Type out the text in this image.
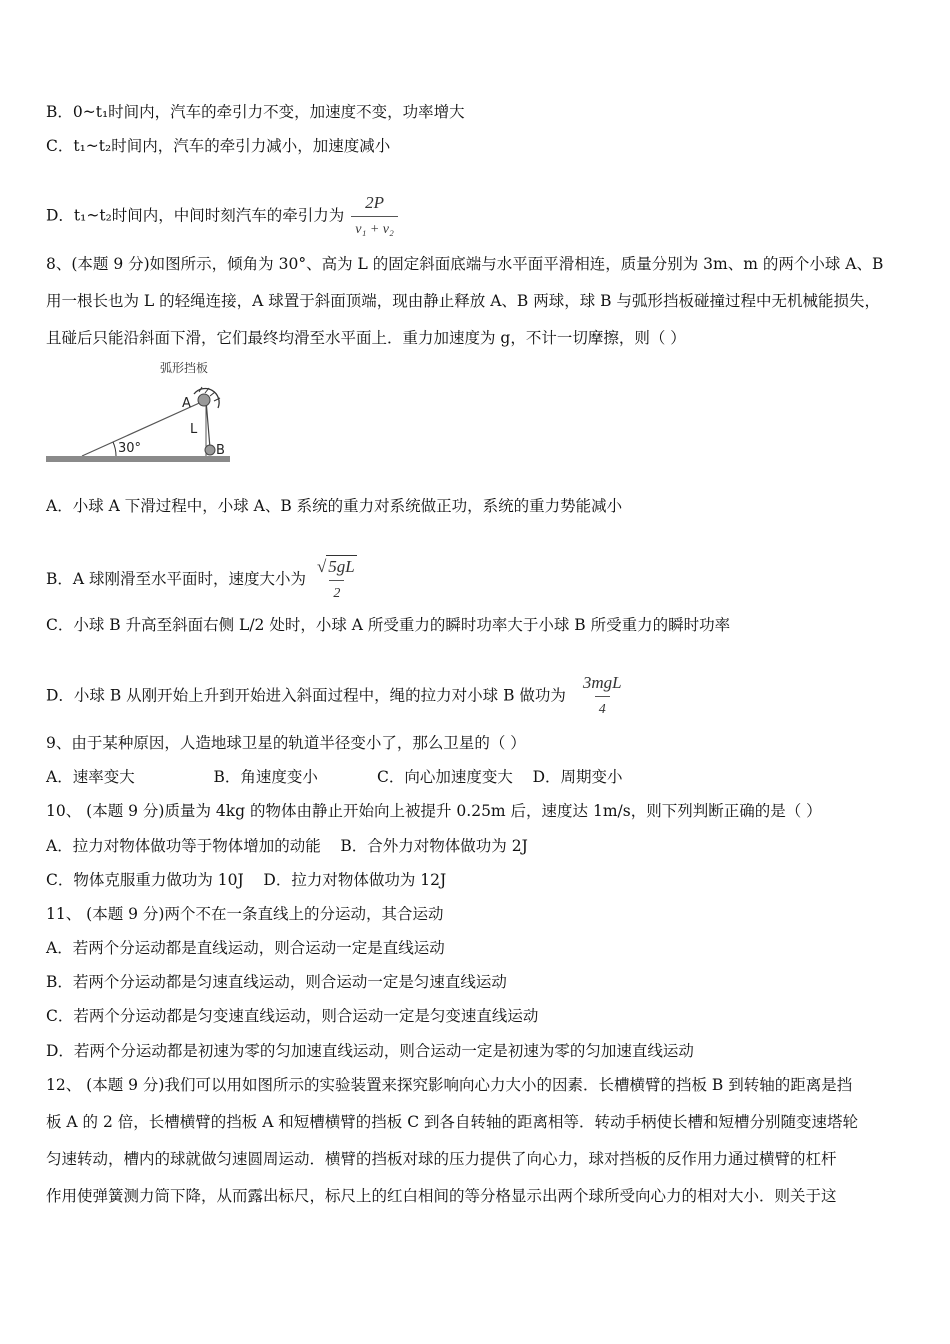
B．0~t₁时间内，汽车的牵引力不变，加速度不变，功率增大
C．t₁~t₂时间内，汽车的牵引力减小，加速度减小
D．t₁~t₂时间内，中间时刻汽车的牵引力为 $\frac{2P}{\text{v₁ + v₂}}$
8、(本题 9 分)如图所示，倾角为 30°、高为 L 的固定斜面底端与水平面平滑相连，质量分别为 3m、m 的两个小球 A、B
用一根长也为 L 的轻绳连接，A 球置于斜面顶端，现由静止释放 A、B 两球，球 B 与弧形挡板碰撞过程中无机械能损失，
且碰后只能沿斜面下滑，它们最终均滑至水平面上．重力加速度为 g，不计一切摩擦，则（ ）
弧形挡板
30°
A
L
B
A．小球 A 下滑过程中，小球 A、B 系统的重力对系统做正功，系统的重力势能减小
B．A 球刚滑至水平面时，速度大小为 $\frac{√ 5gL}{2}$
C．小球 B 升高至斜面右侧 L/2 处时，小球 A 所受重力的瞬时功率大于小球 B 所受重力的瞬时功率
D．小球 B 从刚开始上升到开始进入斜面过程中，绳的拉力对小球 B 做功为 $\frac{\text{3mgL}}{4}$
9、由于某种原因，人造地球卫星的轨道半径变小了，那么卫星的（ ）
A．速率变大                B．角速度变小            C．向心加速度变大    D．周期变小
10、 (本题 9 分)质量为 4kg 的物体由静止开始向上被提升 0.25m 后，速度达 1m/s，则下列判断正确的是（ ）
A．拉力对物体做功等于物体增加的动能    B．合外力对物体做功为 2J
C．物体克服重力做功为 10J    D．拉力对物体做功为 12J
11、 (本题 9 分)两个不在一条直线上的分运动，其合运动
A．若两个分运动都是直线运动，则合运动一定是直线运动
B．若两个分运动都是匀速直线运动，则合运动一定是匀速直线运动
C．若两个分运动都是匀变速直线运动，则合运动一定是匀变速直线运动
D．若两个分运动都是初速为零的匀加速直线运动，则合运动一定是初速为零的匀加速直线运动
12、 (本题 9 分)我们可以用如图所示的实验装置来探究影响向心力大小的因素．长槽横臂的挡板 B 到转轴的距离是挡
板 A 的 2 倍，长槽横臂的挡板 A 和短槽横臂的挡板 C 到各自转轴的距离相等．转动手柄使长槽和短槽分别随变速塔轮
匀速转动，槽内的球就做匀速圆周运动．横臂的挡板对球的压力提供了向心力，球对挡板的反作用力通过横臂的杠杆
作用使弹簧测力筒下降，从而露出标尺，标尺上的红白相间的等分格显示出两个球所受向心力的相对大小．则关于这
